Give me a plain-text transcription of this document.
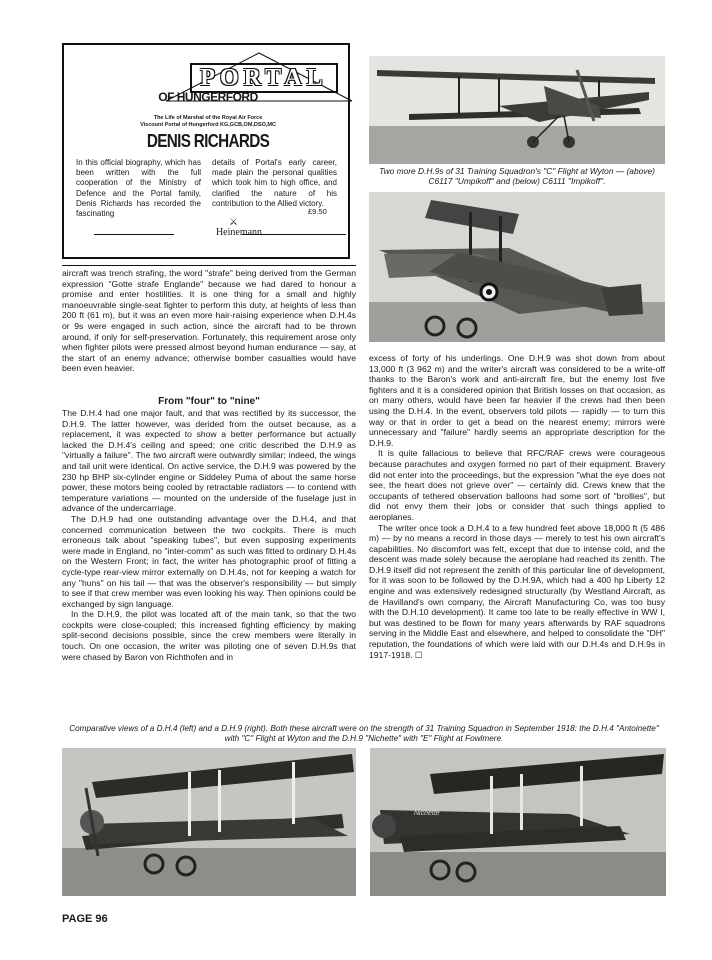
PORTAL
OF HUNGERFORD
The Life of Marshal of the Royal Air Force
Viscount Portal of Hungerford KG,GCB,OM,DSO,MC
DENIS RICHARDS
In this official biography, which has been written with the full cooperation of the Ministry of Defence and the Portal family, Denis Richards has recorded the fascinating
details of Portal's early career, made plain the personal qualities which took him to high office, and clarified the nature of his contribution to the Allied victory.
£9.50
⚔
Heinemann

aircraft was trench strafing, the word "strafe" being derived from the German expression "Gotte strafe Englande" because we had dared to honour a promise and enter hostilities. It is one thing for a small and highly manoeuvrable single-seat fighter to perform this duty, at heights of less than 200 ft (61 m), but it was an even more hair-raising experience when D.H.4s or 9s were engaged in such action, since the aircraft had to be thrown around, if only for self-preservation. Fortunately, this requirement arose only when fighter pilots were pressed almost beyond human endurance — say, at the start of an enemy advance; otherwise bomber casualties would have been even heavier.

From "four" to "nine"

The D.H.4 had one major fault, and that was rectified by its successor, the D.H.9. The latter however, was derided from the outset because, as a replacement, it was expected to show a better performance but actually lacked the D.H.4's ceiling and speed; one critic described the D.H.9 as "virtually a failure". The two aircraft were outwardly similar; indeed, the wings and tail unit were identical. On active service, the D.H.9 was powered by the 230 hp BHP six-cylinder engine or Siddeley Puma of about the same horse power, these motors being cooled by retractable radiators — to contend with temperature variations — mounted on the underside of the fuselage just in advance of the undercarriage.

The D.H.9 had one outstanding advantage over the D.H.4, and that concerned communication between the two cockpits. There is much erroneous talk about "speaking tubes", but even supposing experiments were made in England, no "inter-comm" as such was fitted to ordinary D.H.4s on the Western Front; in fact, the writer has photographic proof of fitting a cycle-type rear-view mirror externally on D.H.4s, not for keeping a watch for any "huns" on his tail — that was the observer's responsibility — but simply to see if that crew member was even looking his way. Then opinions could be exchanged by sign language.

In the D.H.9, the pilot was located aft of the main tank, so that the two cockpits were close-coupled; this increased fighting efficiency by making split-second decisions possible, since the crew members were literally in touch. On one occasion, the writer was piloting one of seven D.H.9s that were chased by Baron von Richthofen and in

Two more D.H.9s of 31 Training Squadron's "C" Flight at Wyton — (above) C6117 "Umpikoff" and (below) C6111 "Impikoff".

excess of forty of his underlings. One D.H.9 was shot down from about 13,000 ft (3 962 m) and the writer's aircraft was considered to be a write-off thanks to the Baron's work and anti-aircraft fire, but the enemy lost five fighters and it is a considered opinion that British losses on that occasion, as on many others, would have been far heavier if the crews had then been using the D.H.4. In the event, observers told pilots — rapidly — to turn this way or that in order to get a bead on the nearest enemy; mirrors were unnecessary and "failure" hardly seems an appropriate description for the D.H.9.

It is quite fallacious to believe that RFC/RAF crews were courageous because parachutes and oxygen formed no part of their equipment. Bravery did not enter into the proceedings, but the expression "what the eye does not see, the heart does not grieve over" — certainly did. Crews knew that the occupants of tethered observation balloons had some sort of "brollies", but did not envy them their jobs or consider that such things applied to aeroplanes.

The writer once took a D.H.4 to a few hundred feet above 18,000 ft (5 486 m) — by no means a record in those days — merely to test his own aircraft's capabilities. No discomfort was felt, except that due to intense cold, and the descent was made solely because the aeroplane had reached its zenith. The D.H.9 itself did not represent the zenith of this particular line of development, for it was soon to be followed by the D.H.9A, which had a 400 hp Liberty 12 engine and was extensively redesigned structurally (by Westland Aircraft, as de Havilland's own company, the Aircraft Manufacturing Co, was too busy with the D.H.10 development). It came too late to be really effective in WW I, but was destined to be flown for many years afterwards by RAF squadrons serving in the Middle East and elsewhere, and helped to consolidate the "DH" reputation, the foundations of which were laid with our D.H.4s and D.H.9s in 1917-1918. ☐

Comparative views of a D.H.4 (left) and a D.H.9 (right). Both these aircraft were on the strength of 31 Training Squadron in September 1918: the D.H.4 "Antoinette" with "C" Flight at Wyton and the D.H.9 "Nichette" with "E" Flight at Fowlmere.
Nichette
PAGE 96
